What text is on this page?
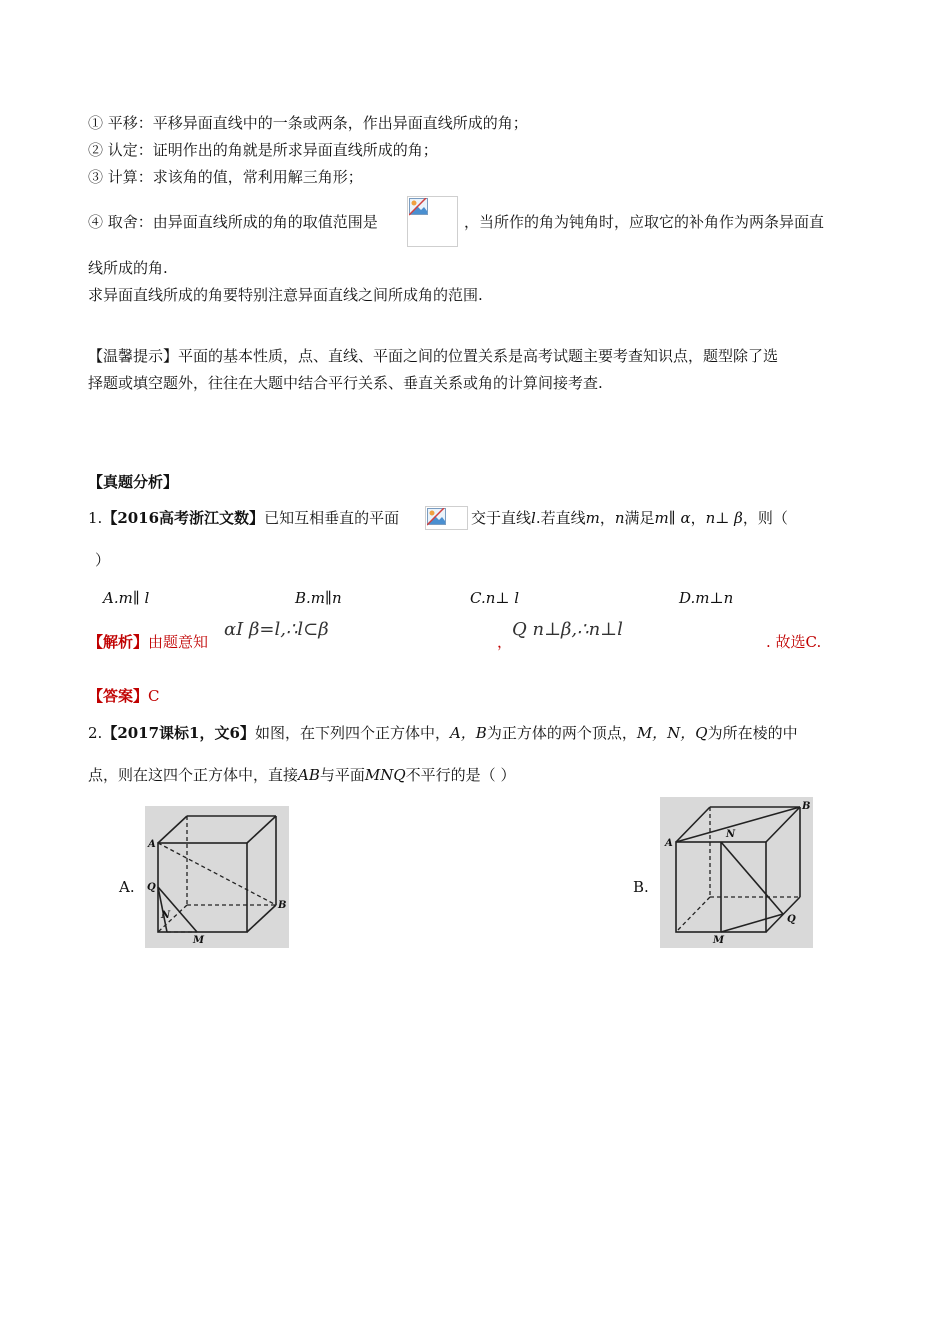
① 平移：平移异面直线中的一条或两条，作出异面直线所成的角；
② 认定：证明作出的角就是所求异面直线所成的角；
③ 计算：求该角的值，常利用解三角形；
④ 取舍：由异面直线所成的角的取值范围是	，当所作的角为钝角时，应取它的补角作为两条异面直
线所成的角.
求异面直线所成的角要特别注意异面直线之间所成角的范围.
【温馨提示】平面的基本性质，点、直线、平面之间的位置关系是高考试题主要考查知识点，题型除了选
择题或填空题外，往往在大题中结合平行关系、垂直关系或角的计算间接考查.
【真题分析】
1.【2016高考浙江文数】已知互相垂直的平面	交于直线l.若直线m，n满足m∥ α，n⊥ β，则（
）
A.m∥ l	B.m∥n	C.n⊥ l	D.m⊥n
【解析】由题意知
αI β=l,∴l⊂β
，
Q n⊥β,∴n⊥l
. 故选C.
【答案】C
2.【2017课标1，文6】如图，在下列四个正方体中，A，B为正方体的两个顶点，M，N，Q为所在棱的中
点，则在这四个正方体中，直接AB与平面MNQ不平行的是（ ）
A.
A
B
Q
N
M
B.
A
B
N
Q
M
